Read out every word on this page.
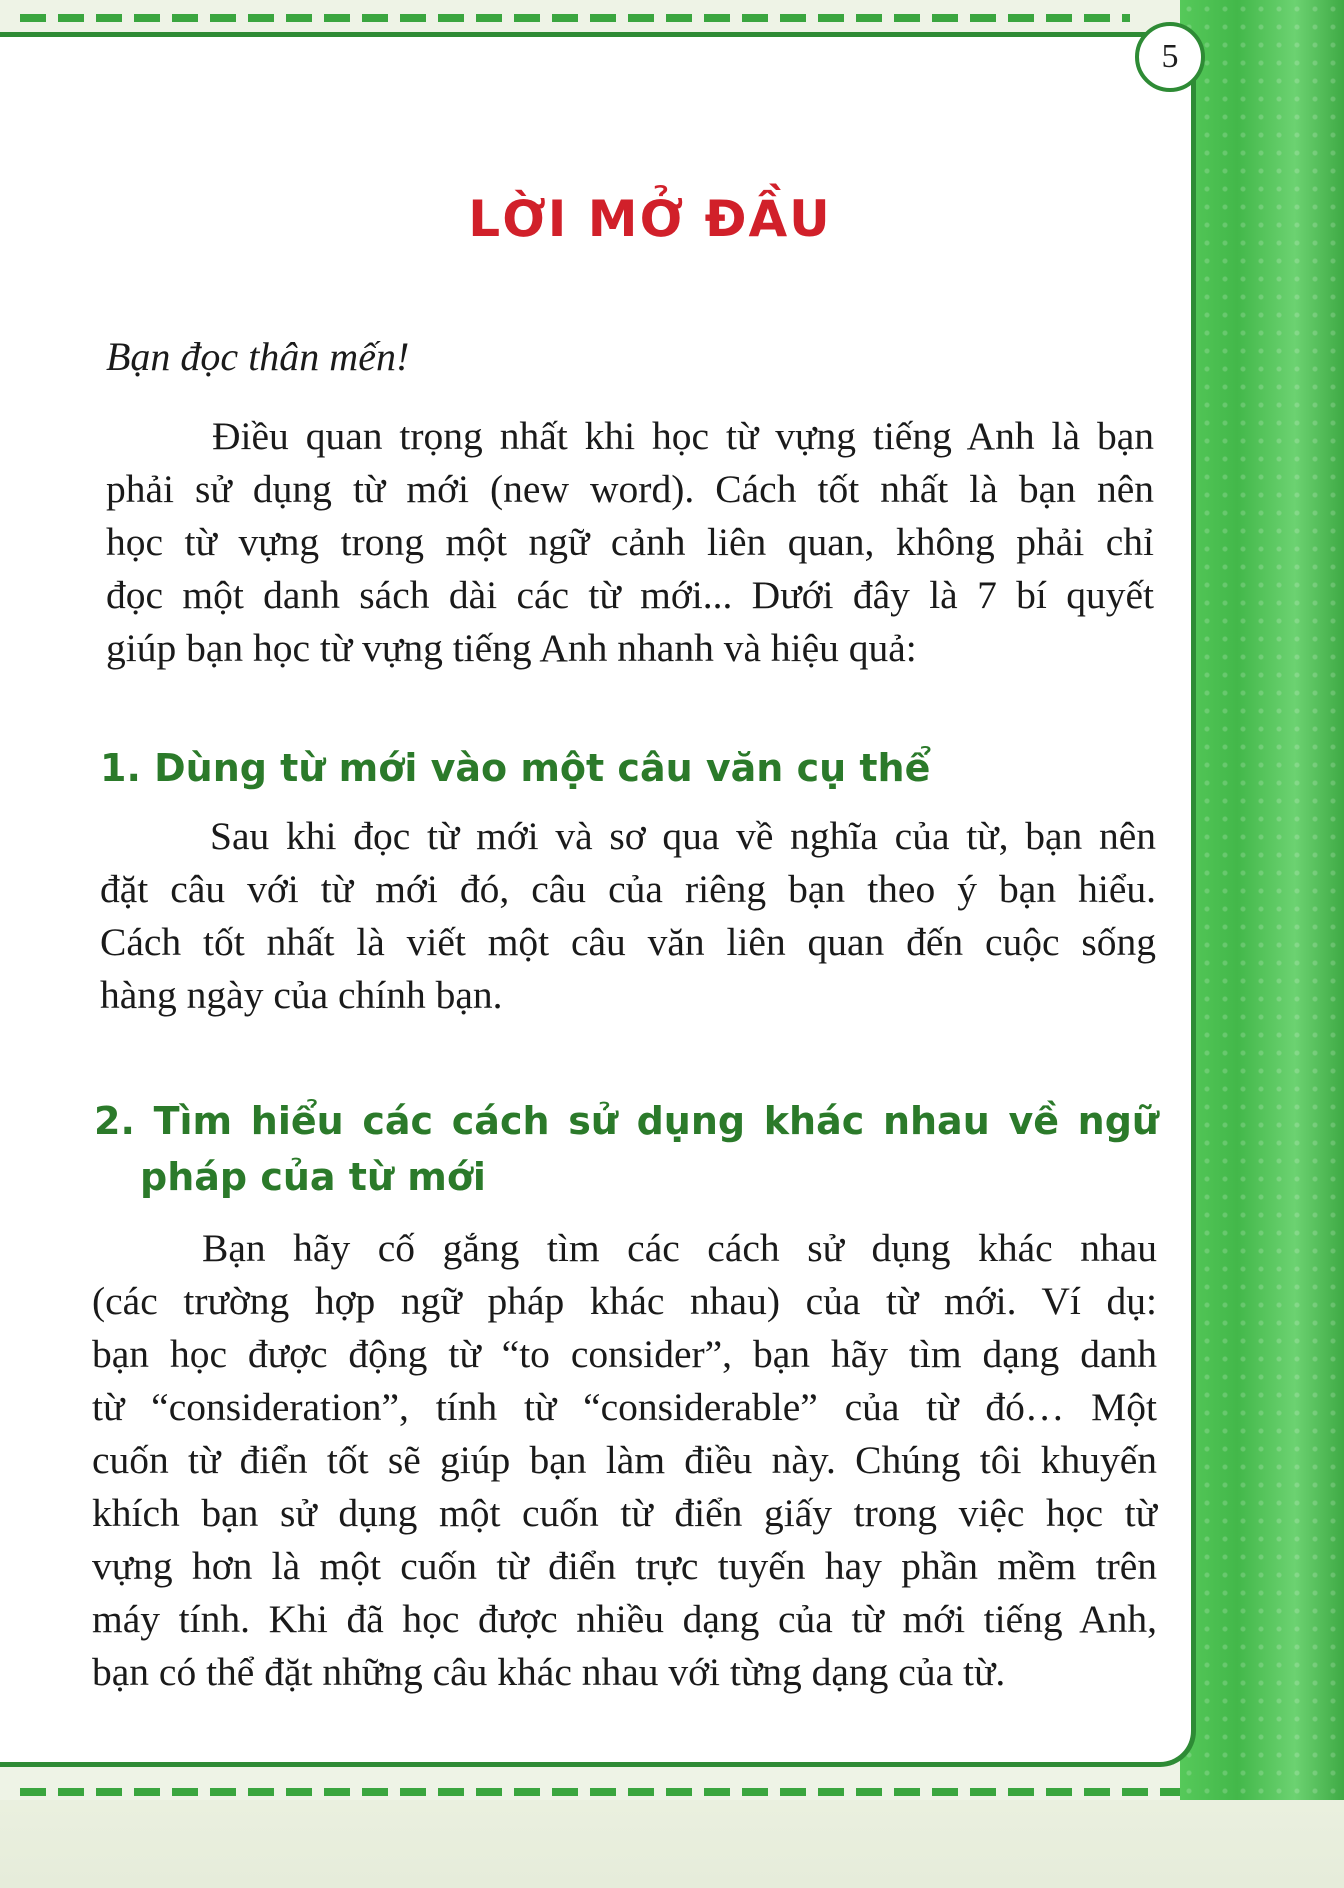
5
LỜI MỞ ĐẦU
Bạn đọc thân mến!
Điều quan trọng nhất khi học từ vựng tiếng Anh là bạn
phải sử dụng từ mới (new word). Cách tốt nhất là bạn nên
học từ vựng trong một ngữ cảnh liên quan, không phải chỉ
đọc một danh sách dài các từ mới... Dưới đây là 7 bí quyết
giúp bạn học từ vựng tiếng Anh nhanh và hiệu quả:
1. Dùng từ mới vào một câu văn cụ thể
Sau khi đọc từ mới và sơ qua về nghĩa của từ, bạn nên
đặt câu với từ mới đó, câu của riêng bạn theo ý bạn hiểu.
Cách tốt nhất là viết một câu văn liên quan đến cuộc sống
hàng ngày của chính bạn.
2. Tìm hiểu các cách sử dụng khác nhau về ngữ
pháp của từ mới
Bạn hãy cố gắng tìm các cách sử dụng khác nhau
(các trường hợp ngữ pháp khác nhau) của từ mới. Ví dụ:
bạn học được động từ “to consider”, bạn hãy tìm dạng danh
từ “consideration”, tính từ “considerable” của từ đó… Một
cuốn từ điển tốt sẽ giúp bạn làm điều này. Chúng tôi khuyến
khích bạn sử dụng một cuốn từ điển giấy trong việc học từ
vựng hơn là một cuốn từ điển trực tuyến hay phần mềm trên
máy tính. Khi đã học được nhiều dạng của từ mới tiếng Anh,
bạn có thể đặt những câu khác nhau với từng dạng của từ.
